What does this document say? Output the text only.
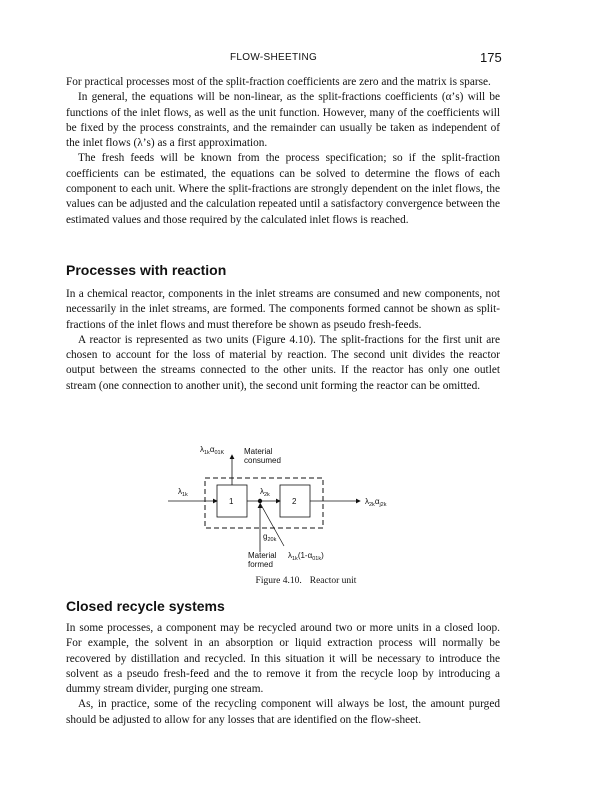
FLOW-SHEETING	175

For practical processes most of the split-fraction coefficients are zero and the matrix is sparse.

In general, the equations will be non-linear, as the split-fractions coefficients (α’s) will be functions of the inlet flows, as well as the unit function. However, many of the coefficients will be fixed by the process constraints, and the remainder can usually be taken as independent of the inlet flows (λ’s) as a first approximation.

The fresh feeds will be known from the process specification; so if the split-fraction coefficients can be estimated, the equations can be solved to determine the flows of each component to each unit. Where the split-fractions are strongly dependent on the inlet flows, the values can be adjusted and the calculation repeated until a satisfactory convergence between the estimated values and those required by the calculated inlet flows is reached.

Processes with reaction

In a chemical reactor, components in the inlet streams are consumed and new components, not necessarily in the inlet streams, are formed. The components formed cannot be shown as split-fractions of the inlet flows and must therefore be shown as pseudo fresh-feeds.

A reactor is represented as two units (Figure 4.10). The split-fractions for the first unit are chosen to account for the loss of material by reaction. The second unit divides the reactor output between the streams connected to the other units. If the reactor has only one outlet stream (one connection to another unit), the second unit forming the reactor can be omitted.

1	2
$\lambda_{1k}$	$\lambda_{2k}$
$\lambda_{2k}\alpha_{j2k}$
$\lambda_{1k}\alpha_{01K}$ Material
consumed
$g_{20k}$
Material
formed
$\lambda_{1k}(1-\alpha_{01k})$
Figure 4.10. Reactor unit
Closed recycle systems

In some processes, a component may be recycled around two or more units in a closed loop. For example, the solvent in an absorption or liquid extraction process will normally be recovered by distillation and recycled. In this situation it will be necessary to introduce the solvent as a pseudo fresh-feed and the to remove it from the recycle loop by introducing a dummy stream divider, purging one stream.

As, in practice, some of the recycling component will always be lost, the amount purged should be adjusted to allow for any losses that are identified on the flow-sheet.
